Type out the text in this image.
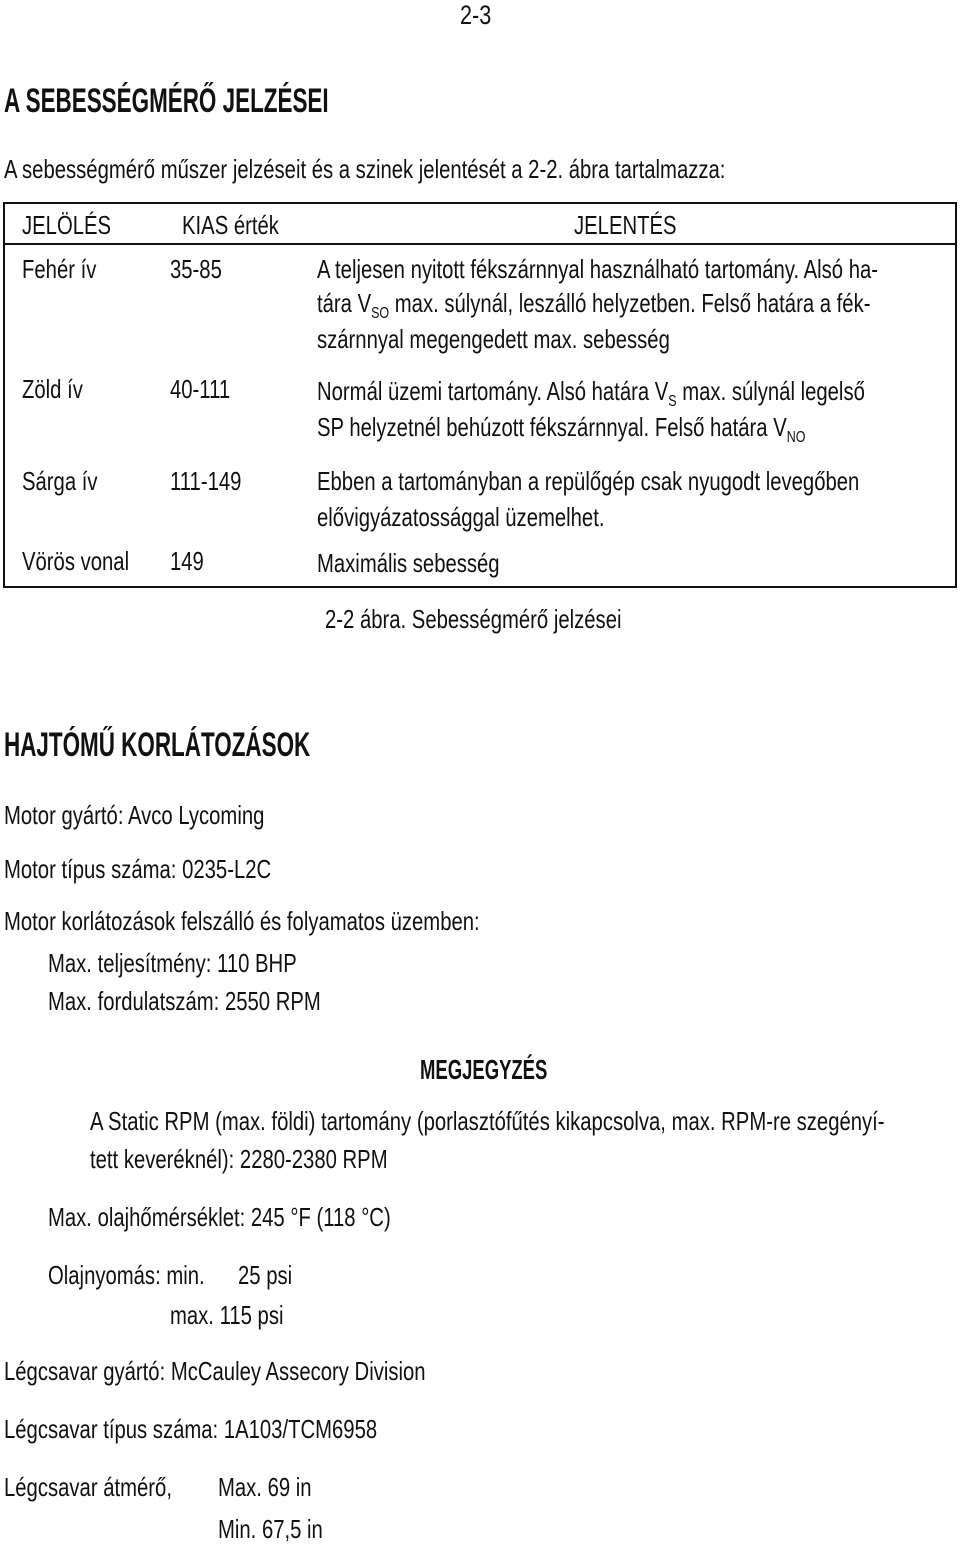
2-3
A SEBESSÉGMÉRŐ JELZÉSEI
A sebességmérő műszer jelzéseit és a szinek jelentését a 2-2. ábra tartalmazza:
JELÖLÉS	KIAS érték	JELENTÉS
Fehér ív	35-85	A teljesen nyitott fékszárnnyal használható tartomány. Alsó ha-
tára $V_{SO}$ max. súlynál, leszálló helyzetben. Felső határa a fék-
szárnnyal megengedett max. sebesség
Zöld ív	40-111	Normál üzemi tartomány. Alsó határa $V_S$ max. súlynál legelső
SP helyzetnél behúzott fékszárnnyal. Felső határa $V_{NO}$
Sárga ív	111-149	Ebben a tartományban a repülőgép csak nyugodt levegőben
elővigyázatossággal üzemelhet.
Vörös vonal 149	Maximális sebesség
2-2 ábra. Sebességmérő jelzései
HAJTÓMŰ KORLÁTOZÁSOK
Motor gyártó: Avco Lycoming
Motor típus száma: 0235-L2C
Motor korlátozások felszálló és folyamatos üzemben:
Max. teljesítmény: 110 BHP
Max. fordulatszám: 2550 RPM
MEGJEGYZÉS
A Static RPM (max. földi) tartomány (porlasztófűtés kikapcsolva, max. RPM-re szegényí-
tett keveréknél): 2280-2380 RPM
Max. olajhőmérséklet: 245 °F (118 °C)
Olajnyomás: min. 25 psi
max. 115 psi
Légcsavar gyártó: McCauley Assecory Division
Légcsavar típus száma: 1A103/TCM6958
Légcsavar átmérő, Max. 69 in
Min. 67,5 in
